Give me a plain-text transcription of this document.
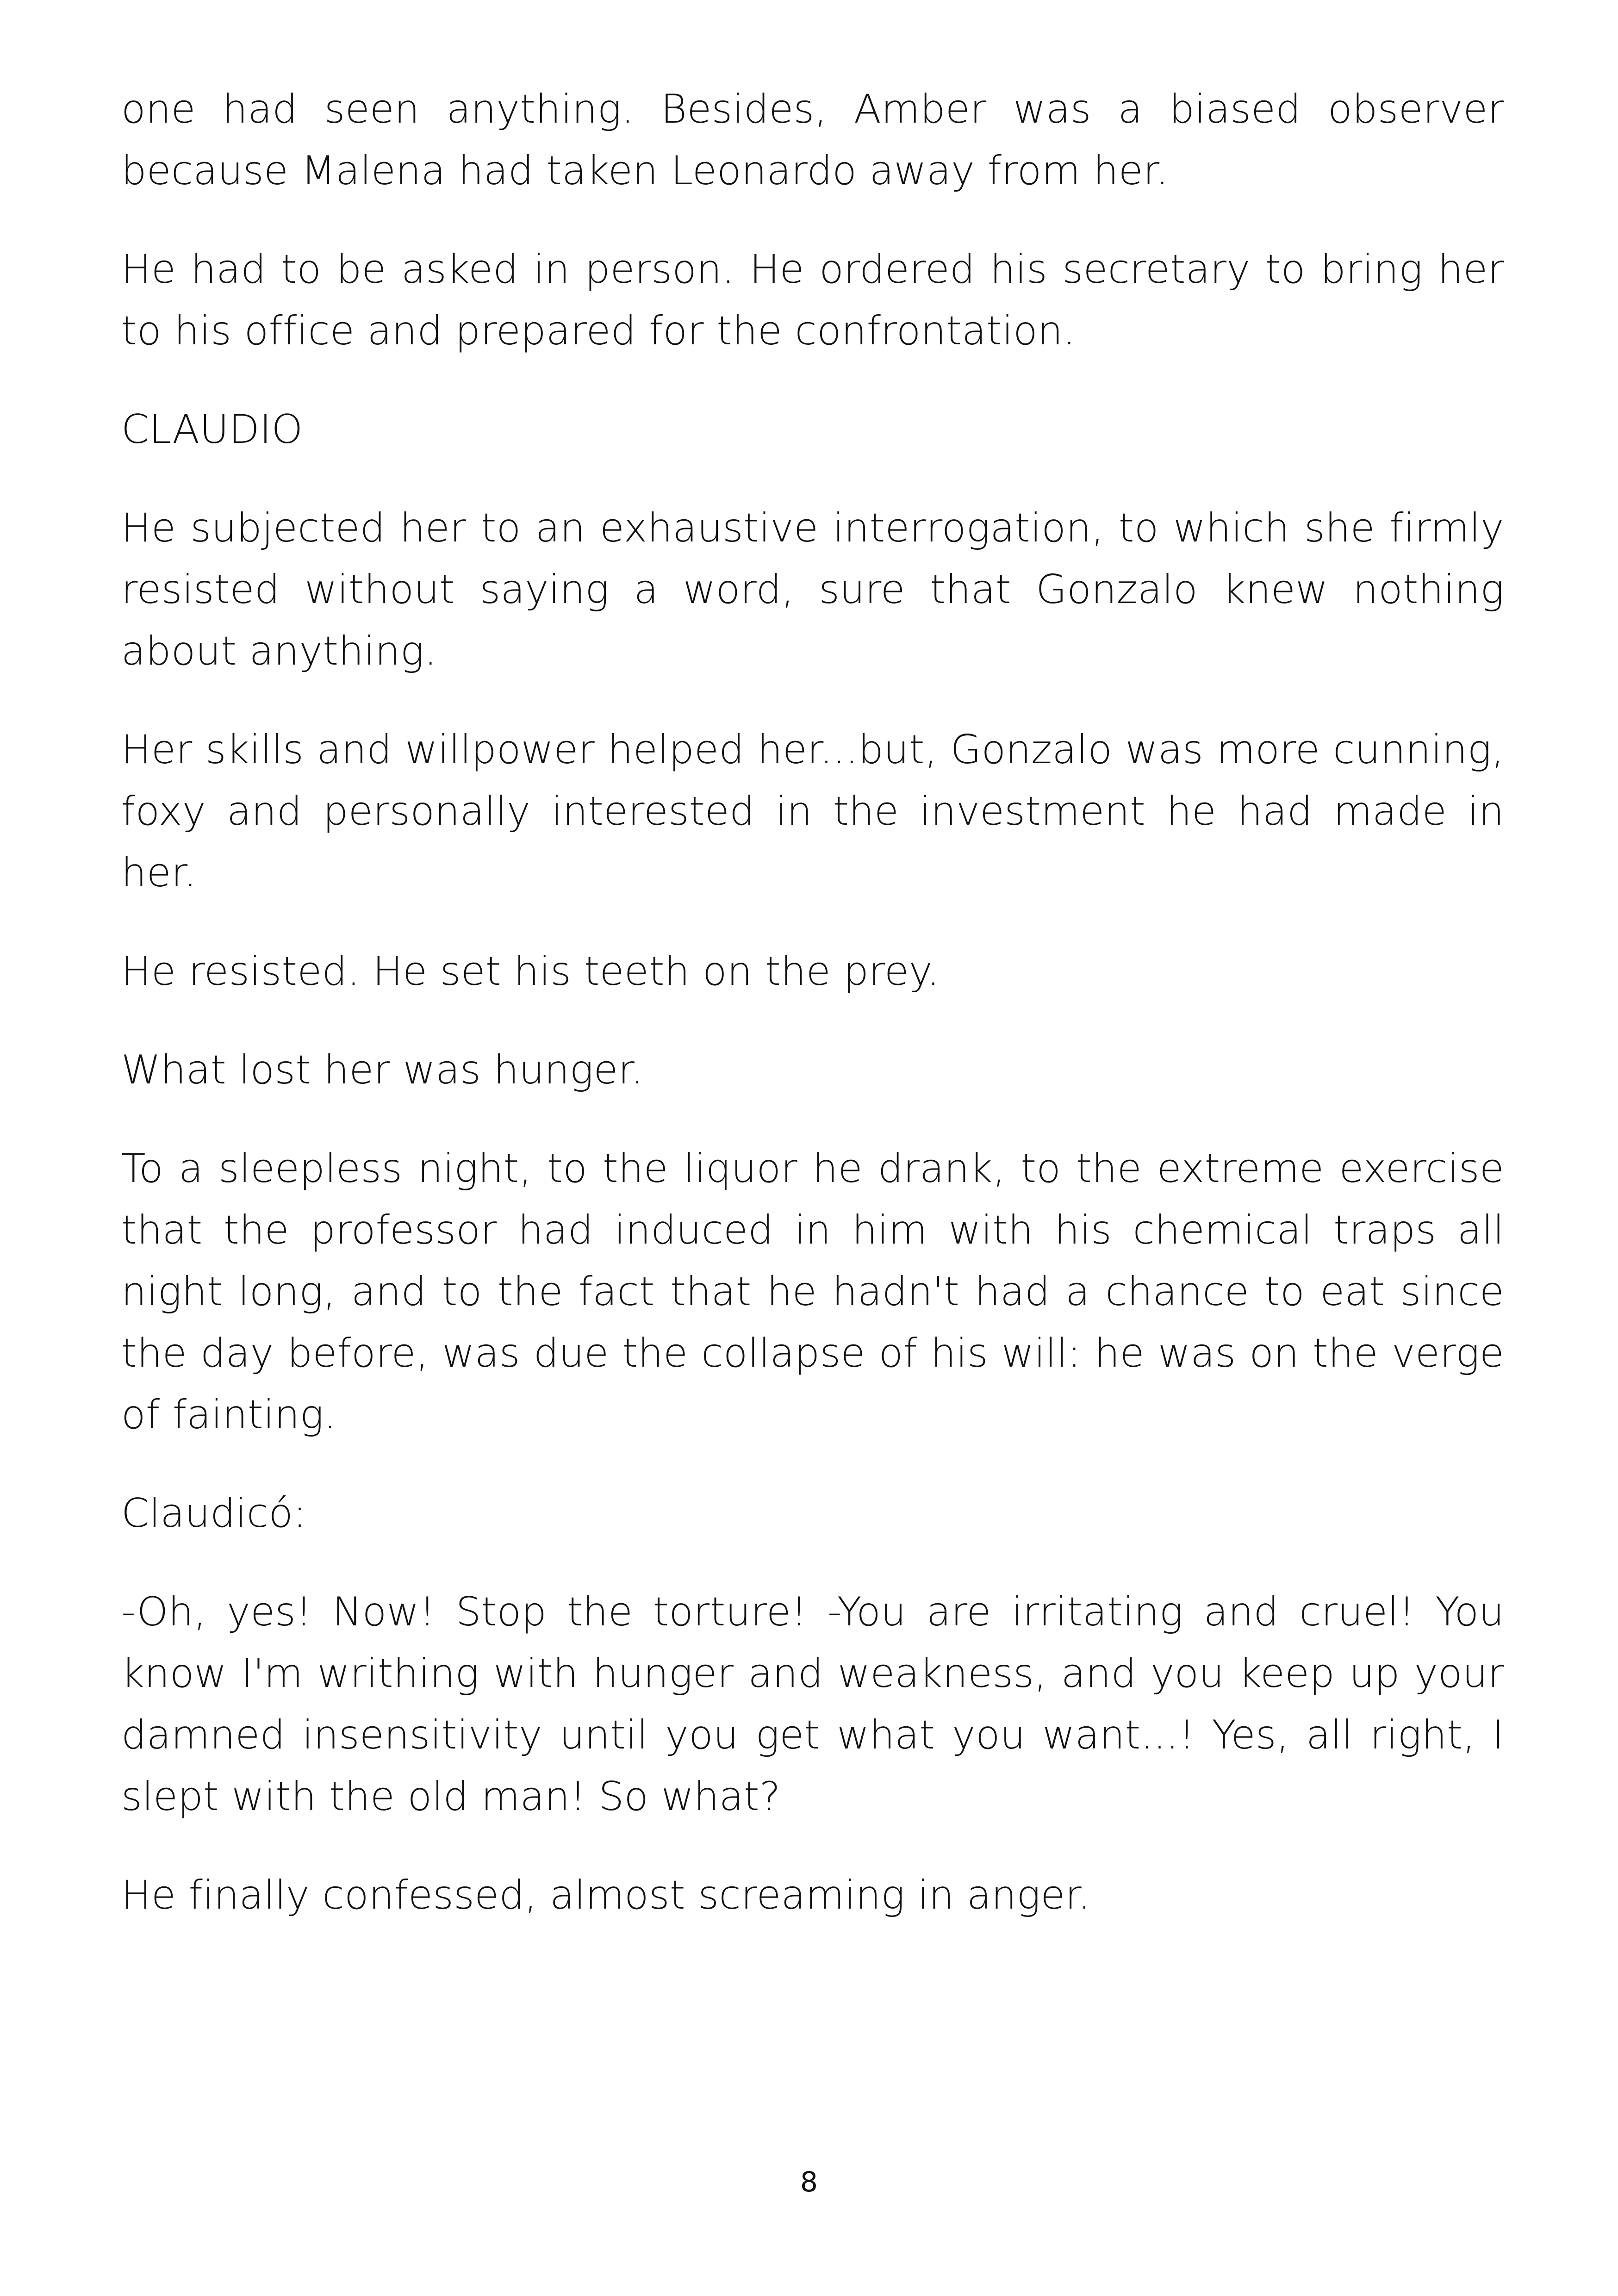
one had seen anything. Besides, Amber was a biased observer because Malena had taken Leonardo away from her.

He had to be asked in person. He ordered his secretary to bring her to his office and prepared for the confrontation.

CLAUDIO

He subjected her to an exhaustive interrogation, to which she firmly resisted without saying a word, sure that Gonzalo knew nothing about anything.

Her skills and willpower helped her...but, Gonzalo was more cunning, foxy and personally interested in the investment he had made in her.

He resisted. He set his teeth on the prey.

What lost her was hunger.

To a sleepless night, to the liquor he drank, to the extreme exercise that the professor had induced in him with his chemical traps all night long, and to the fact that he hadn't had a chance to eat since the day before, was due the collapse of his will: he was on the verge of fainting.

Claudicó:

-Oh, yes! Now! Stop the torture! -You are irritating and cruel! You know I'm writhing with hunger and weakness, and you keep up your damned insensitivity until you get what you want...! Yes, all right, I slept with the old man! So what?

He finally confessed, almost screaming in anger.

8
